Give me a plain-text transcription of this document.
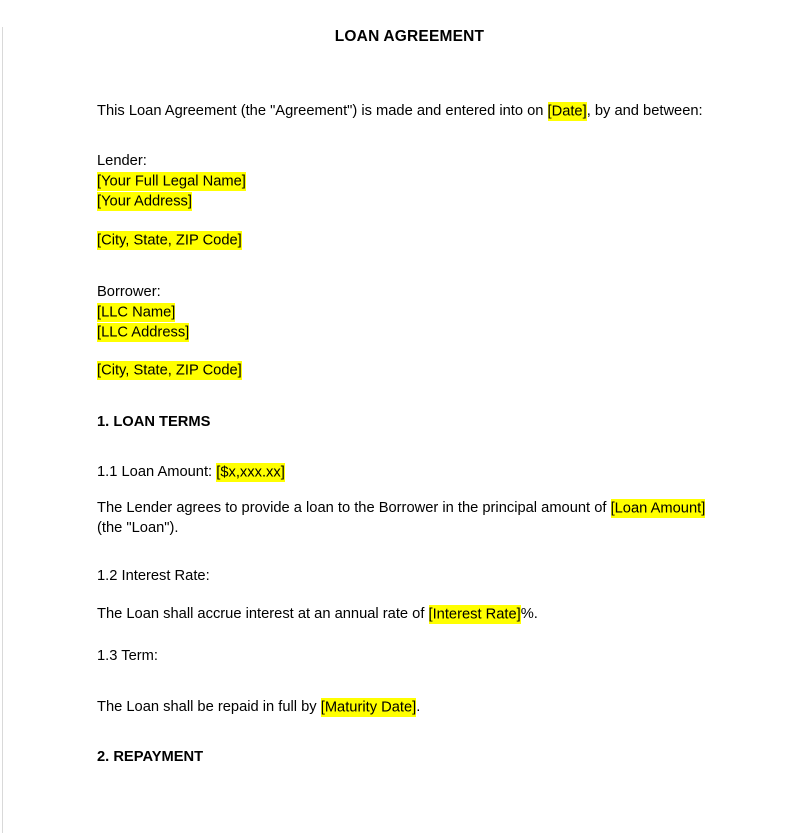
LOAN AGREEMENT

This Loan Agreement (the "Agreement") is made and entered into on [Date], by and between:

Lender:
[Your Full Legal Name]
[Your Address]

[City, State, ZIP Code]

Borrower:
[LLC Name]
[LLC Address]

[City, State, ZIP Code]

1. LOAN TERMS

1.1 Loan Amount: [$x,xxx.xx]

The Lender agrees to provide a loan to the Borrower in the principal amount of [Loan Amount] (the "Loan").

1.2 Interest Rate:

The Loan shall accrue interest at an annual rate of [Interest Rate]%.

1.3 Term:

The Loan shall be repaid in full by [Maturity Date].

2. REPAYMENT
